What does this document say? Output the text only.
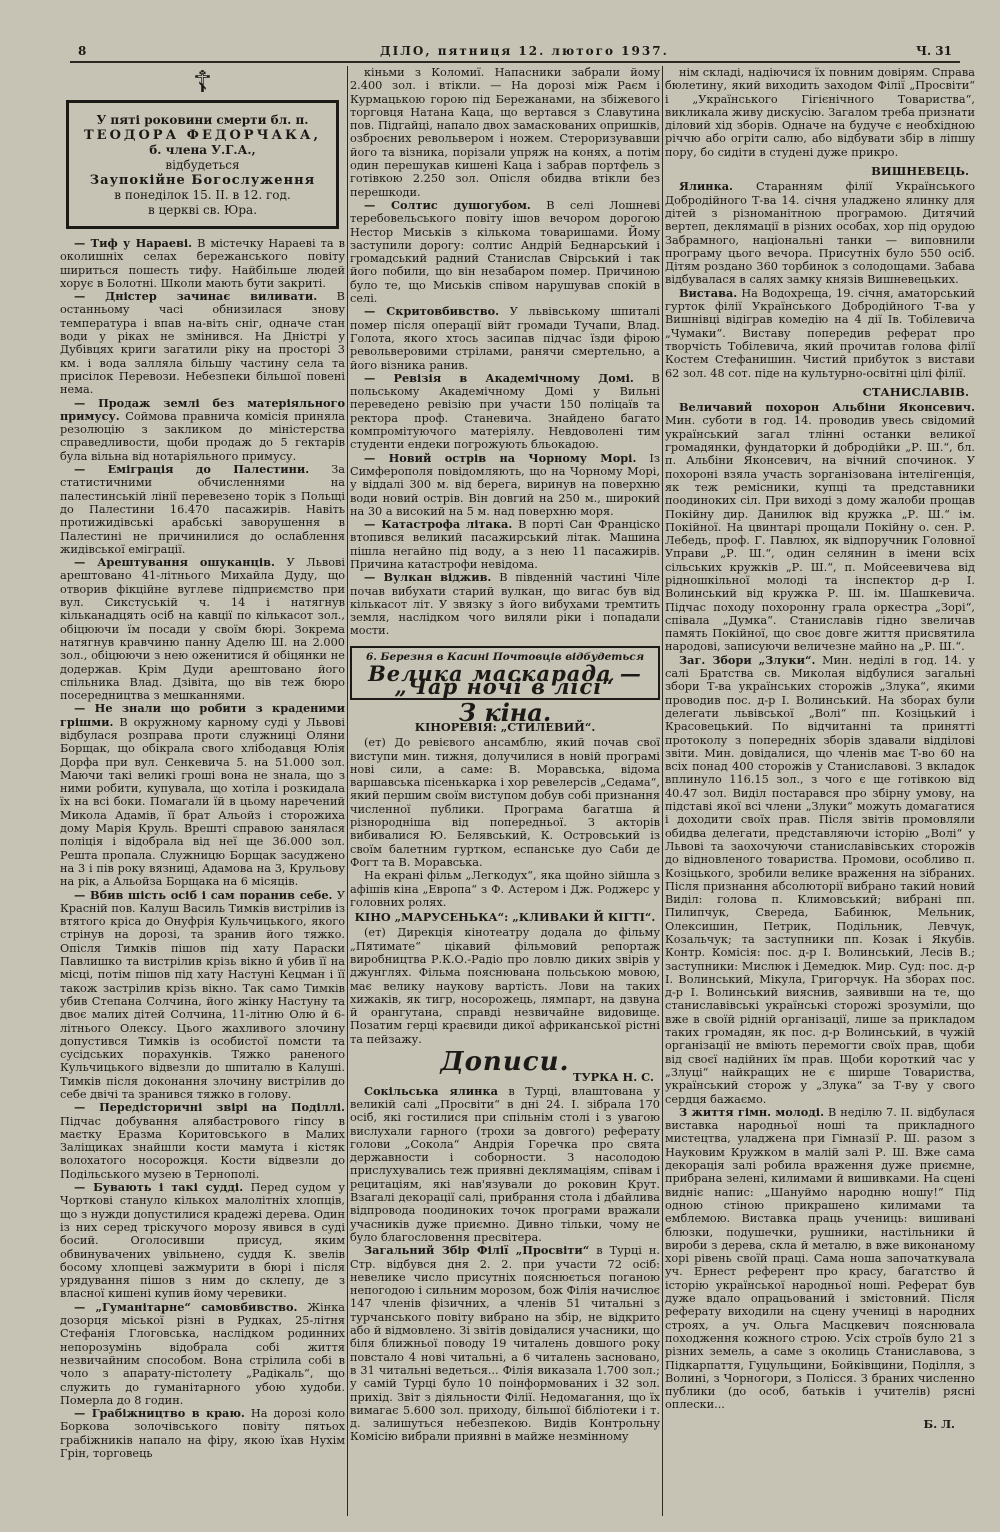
8	ДІЛО, пятниця 12. лютого 1937.	Ч. 31
☦
У пяті роковини смерти бл. п.
ТЕОДОРА ФЕДОРЧАКА,
б. члена У.Г.А.,
відбудеться
Заупокійне Богослуження
в понеділок 15. II. в 12. год.
в церкві св. Юра.

— Тиф у Нараеві. В містечку Нараеві та в околишніх селах бережанського повіту шириться пошесть тифу. Найбільше людей хорує в Болотні. Школи мають бути закриті.

— Дністер зачинає виливати. В останньому часі обнизилася знову температура і впав на-віть сніг, одначе стан води у ріках не змінився. На Дністрі у Дубівцях криги загатили ріку на просторі 3 км. і вода залляла більшу частину села та присілок Перевози. Небезпеки більшої повені нема.

— Продаж землі без матеріяльного примусу. Соймова правнича комісія приняла резолюцію з закликом до міністерства справедливости, щоби продаж до 5 гектарів була вільна від нотаріяльного примусу.

— Еміграція до Палестини. За статистичними обчисленнями на палестинській лінії перевезено торік з Польщі до Палестини 16.470 пасажирів. Навіть протижидівські арабські заворушення в Палестині не причинилися до ослаблення жидівської еміграції.

— Арештування ошуканців. У Львові арештовано 41-літнього Михайла Дуду, що отворив фікційне вуглеве підприємство при вул. Сикстуській ч. 14 і натягнув кільканадцять осіб на кавції по кількасот зол., обіцюючи їм посади у своїм бюрі. Зокрема натягнув кравчиню панну Аделю Ш. на 2.000 зол., обіцюючи з нею оженитися й обіцянки не додержав. Крім Дуди арештовано його спільника Влад. Дзівіта, що вів теж бюро посередництва з мешканнями.

— Не знали що робити з краденими грішми. В окружному карному суді у Львові відбулася розправа проти служниці Оляни Борщак, що обікрала свого хлібодавця Юлія Дорфа при вул. Сенкевича 5. на 51.000 зол. Маючи такі великі гроші вона не знала, що з ними робити, купувала, що хотіла і розкидала їх на всі боки. Помагали їй в цьому наречений Микола Адамів, її брат Альойз і сторожиха дому Марія Круль. Врешті справою занялася поліція і відобрала від неї ще 36.000 зол. Решта пропала. Служницю Борщак засуджено на 3 і пів року вязниці, Адамова на 3, Крульову на рік, а Альойза Борщака на 6 місяців.

— Вбив шість осіб і сам поранив себе. У Красній пов. Калуш Василь Тимків вистрілив із втятого кріса до Онуфрія Кульчицького, якого стрінув на дорозі, та зранив його тяжко. Опісля Тимків пішов під хату Параски Павлишко та вистрілив крізь вікно й убив її на місці, потім пішов під хату Настуні Кецман і її також застрілив крізь вікно. Так само Тимків убив Степана Солчина, його жінку Настуну та двоє малих дітей Солчина, 11-літню Олю й 6-літнього Олексу. Цього жахливого злочину допустився Тимків із особистої помсти та сусідських порахунків. Тяжко раненого Кульчицького відвезли до шпиталю в Калуші. Тимків після доконання злочину вистрілив до себе двічі та зранився тяжко в голову.

— Передісторичні звірі на Поділлі. Підчас добування алябастрового гіпсу в маєтку Еразма Коритовського в Малих Заліщиках знайшли кости мамута і кістяк волохатого носорожця. Кости відвезли до Подільського музею в Тернополі.

— Бувають і такі судді. Перед судом у Чорткові стануло кількох малолітніх хлопців, що з нужди допустилися крадежі дерева. Один із них серед тріскучого морозу явився в суді босий. Оголосивши присуд, яким обвинувачених увільнено, суддя К. звелів босому хлопцеві зажмурити в бюрі і після урядування пішов з ним до склепу, де з власної кишені купив йому черевики.

— „Гуманітарне“ самовбивство. Жінка дозорця міської різні в Рудках, 25-літня Стефанія Глоговська, наслідком родинних непорозумінь відобрала собі життя незвичайним способом. Вона стрілила собі в чоло з апарату-пістолету „Радікаль“, що служить до гуманітарного убою худоби. Померла до 8 годин.

— Грабіжництво в краю. На дорозі коло Боркова золочівського повіту пятьох грабіжників напало на фіру, якою їхав Нухім Грін, торговець

кіньми з Коломиї. Напасники забрали йому 2.400 зол. і втікли. — На дорозі між Раєм і Курмацькою горою під Бережанами, на збіжевого торговця Натана Каца, що вертався з Славутина пов. Підгайці, напало двох замаскованих опришків, озброєних револьвером і ножем. Стероризувавши його та візника, порізали упряж на конях, а потім один перешукав кишені Каца і забрав портфель з готівкою 2.250 зол. Опісля обидва втікли без перешкоди.

— Солтис душогубом. В селі Лошневі теребовельського повіту ішов вечором дорогою Нестор Миськів з кількома товаришами. Йому заступили дорогу: солтис Андрій Беднарський і громадський радний Станислав Свірський і так його побили, що він незабаром помер. Причиною було те, що Миськів співом нарушував спокій в селі.

— Скритовбивство. У львівському шпиталі помер після операції війт громади Тучапи, Влад. Голота, якого хтось засипав підчас їзди фірою револьверовими стрілами, ранячи смертельно, а його візника ранив.

— Ревізія в Академічному Домі. В польському Академічному Домі у Вильні переведено ревізію при участи 150 поліцаїв та ректора проф. Станевича. Знайдено багато компромітуючого матеріялу. Невдоволені тим студенти ендеки погрожують бльокадою.

— Новий острів на Чорному Морі. Із Симферополя повідомляють, що на Чорному Морі, у віддалі 300 м. від берега, виринув на поверхню води новий острів. Він довгий на 250 м., широкий на 30 а високий на 5 м. над поверхню моря.

— Катастрофа літака. В порті Сан Франціско втопився великий пасажирський літак. Машина пішла негайно під воду, а з нею 11 пасажирів. Причина катастрофи невідома.

— Вулкан віджив. В південній частині Чіле почав вибухати старий вулкан, що вигас був від кількасот літ. У звязку з його вибухами тремтить земля, наслідком чого виляли ріки і попадали мости.

6. Березня в Касині Почтовців відбудеться
Велика маскарада — „Чар ночі в лісі“
З кіна.
КІНОРЕВІЯ: „СТИЛЕВИЙ“.

(ет) До ревієвого ансамблю, який почав свої виступи мин. тижня, долучилися в новій програмі нові сили, а саме: В. Моравська, відома варшавська пісенькарка і хор ревелерсів „Седама“, який першим своїм виступом добув собі признання численної публики. Програма багатша й різнородніша від попередньої. З акторів вибивалися Ю. Белявський, К. Островський із своїм балетним гуртком, еспанське дуо Саби де Фогт та В. Моравська.

На екрані фільм „Легкодух“, яка щойно зійшла з афішів кіна „Европа“ з Ф. Астером і Дж. Роджерс у головних ролях.

КІНО „МАРУСЕНЬКА“: „КЛИВАКИ Й КІГТІ“.

(ет) Дирекція кінотеатру додала до фільму „Пятимате“ цікавий фільмовий репортаж виробництва Р.К.О.-Радіо про ловлю диких звірів у джунглях. Фільма пояснювана польською мовою, має велику наукову вартість. Лови на таких хижаків, як тигр, носорожець, лямпарт, на дзвуна й орангутана, справді незвичайне видовище. Позатим герці краєвиди дикої африканської рістні та пейзажу.

Дописи.
ТУРКА Н. С.

Сокільська ялинка в Турці, влаштована у великій салі „Просвіти“ в дні 24. I. зібрала 170 осіб, які гостилися при спільнім столі і з увагою вислухали гарного (трохи за довгого) реферату голови „Сокола“ Андрія Горечка про свята державности і соборности. З насолодою прислухувались теж приявні деклямаціям, співам і рецитаціям, які нав'язували до роковин Крут. Взагалі декорації салі, прибрання стола і дбайлива відпровода поодиноких точок програми вражали учасників дуже приємно. Дивно тільки, чому не було благословення пресвітера.

Загальний Збір Філії „Просвіти“ в Турці н. Стр. відбувся дня 2. 2. при участи 72 осіб: невелике число присутніх пояснюється поганою непогодою і сильним морозом, бож Філія начислює 147 членів фізичних, а членів 51 читальні з турчанського повіту вибрано на збір, не відкрито або й відмовлено. Зі звітів довідалися учасники, що біля ближньої поводу 19 читалень довшого року повстало 4 нові читальні, а 6 читалень засновано, в 31 читальні ведеться... Філія виказала 1.700 зол.; у самій Турці було 10 поінформованих і 32 зол. прихід. Звіт з діяльности Філії. Недомагання, що їх вимагає 5.600 зол. приходу, більшої бібліотеки і т. д. залишуться небезпекою. Видів Контрольну Комісію вибрали приявні в майже незмінному

нім складі, надіючися їх повним довірям. Справа бюлетину, який виходить заходом Філії „Просвіти“ і „Українського Гігієнічного Товариства“, викликала живу дискусію. Загалом треба признати діловий хід зборів. Одначе на будуче є необхідною річчю або огріти салю, або відбувати збір в ліпшу пору, бо сидіти в студені дуже прикро.

ВИШНЕВЕЦЬ.

Ялинка. Старанням філії Українського Добродійного Т-ва 14. січня уладжено ялинку для дітей з різноманітною програмою. Дитячий вертеп, деклямації в різних особах, хор під орудою Забрамного, національні танки — виповнили програму цього вечора. Присутніх було 550 осіб. Дітям роздано 360 торбинок з солодощами. Забава відбувалася в салях замку князів Вишневецьких.

Вистава. На Водохреща, 19. січня, аматорський гурток філії Українського Добродійного Т-ва у Вишнівці відіграв комедію на 4 дії Ів. Тобілевича „Чумаки“. Виставу попередив реферат про творчість Тобілевича, який прочитав голова філії Костем Стефанишин. Чистий прибуток з вистави 62 зол. 48 сот. піде на культурно-освітні цілі філії.

СТАНИСЛАВІВ.

Величавий похорон Альбіни Яконсевич. Мин. суботи в год. 14. проводив увесь свідомий український загал тлінні останки великої громадянки, фундаторки й добродійки „Р. Ш.“, бл. п. Альбіни Яконсевич, на вічний спочинок. У похороні взяла участь зорганізована інтелігенція, як теж ремісники, купці та представники поодиноких сіл. При виході з дому жалоби прощав Покійну дир. Данилюк від кружка „Р. Ш.“ ім. Покійної. На цвинтарі прощали Покійну о. сен. Р. Лебедь, проф. Г. Павлюх, як відпоручник Головної Управи „Р. Ш.“, один селянин в імени всіх сільських кружків „Р. Ш.“, п. Мойсеевичева від рідношкільної молоді та інспектор д-р І. Волинський від кружка Р. Ш. ім. Шашкевича. Підчас походу похоронну грала оркестра „Зорі“, співала „Думка“. Станиславів гідно звеличав память Покійної, що своє довге життя присвятила народові, записуючи величезне майно на „Р. Ш.“.

Заг. Збори „Злуки“. Мин. неділі в год. 14. у салі Братства св. Миколая відбулися загальні збори Т-ва українських сторожів „Злука“, якими проводив пос. д-р І. Волинський. На зборах були делегати львівської „Волі“ пп. Козіцький і Красовецький. По відчитанні та принятті протоколу з попередніх зборів здавали відділові звіти. Мин. довідалися, що членів має Т-во 60 на всіх понад 400 сторожів у Станиславові. З вкладок вплинуло 116.15 зол., з чого є ще готівкою від 40.47 зол. Виділ постарався про збірну умову, на підставі якої всі члени „Злуки“ можуть домагатися і доходити своїх прав. Після звітів промовляли обидва делегати, представляючи історію „Волі“ у Львові та заохочуючи станиславівських сторожів до відновленого товариства. Промови, особливо п. Козіцького, зробили велике враження на зібраних. Після признання абсолюторії вибрано такий новий Виділ: голова п. Климовський; вибрані пп. Пилипчук, Свереда, Бабинюк, Мельник, Олексишин, Петрик, Подільник, Левчук, Козальчук; та заступники пп. Козак і Якубів. Контр. Комісія: пос. д-р І. Волинський, Лесів В.; заступники: Мислюк і Демедюк. Мир. Суд: пос. д-р І. Волинський, Мікула, Григорчук. На зборах пос. д-р І. Волинський вияснив, заявивши на те, що станиславівські українські сторожі зрозуміли, що вже в своїй рідній організації, лише за прикладом таких громадян, як пос. д-р Волинський, в чужій організації не вміють перемогти своїх прав, щоби від своєї надійних їм прав. Щоби короткий час у „Злуці“ найкращих не є ширше Товариства, український сторож у „Злука“ за Т-ву у свого сердця бажаємо.

З життя гімн. молоді. В неділю 7. II. відбулася виставка народньої ноші та прикладного мистецтва, уладжена при Гімназії Р. Ш. разом з Науковим Кружком в малій залі Р. Ш. Вже сама декорація залі робила враження дуже приємне, прибрана зелені, килимами й вишивками. На сцені видніє напис: „Шануймо народню ношу!“ Під одною стіною прикрашено килимами та емблемою. Виставка праць учениць: вишивані блюзки, подушечки, рушники, настільники й вироби з дерева, скла й металю, в вже виконаному хорі рівень своїй праці. Сама ноша започаткувала уч. Ернест референт про красу, багатство й історію української народньої ноші. Реферат був дуже вдало опрацьований і змістовний. Після реферату виходили на сцену учениці в народних строях, а уч. Ольга Масцкевич пояснювала походження кожного строю. Усіх строїв було 21 з різних земель, а саме з околиць Станиславова, з Підкарпаття, Гуцульщини, Бойківщини, Поділля, з Волині, з Чорногори, з Полісся. З браних численно публики (до особ, батьків і учителів) рясні оплески...

Б. Л.
